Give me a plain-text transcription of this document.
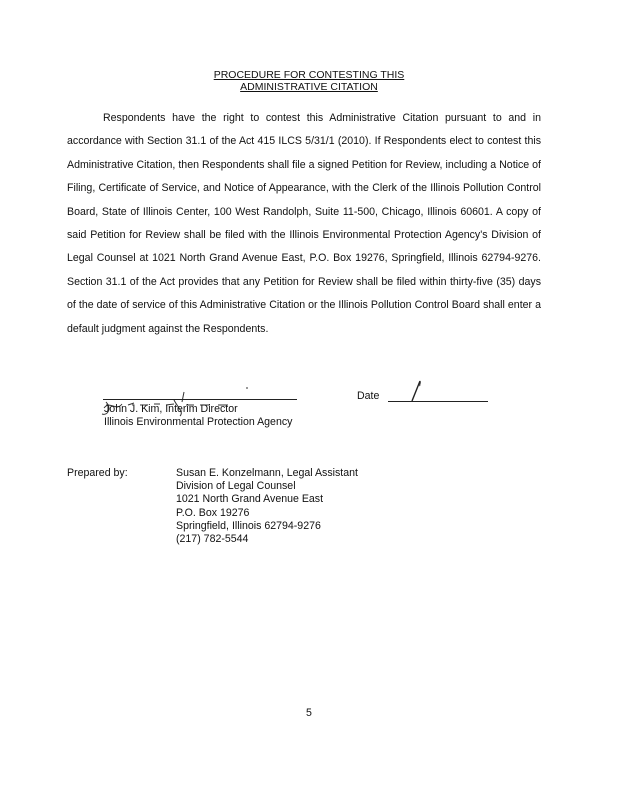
PROCEDURE FOR CONTESTING THIS
ADMINISTRATIVE CITATION

Respondents have the right to contest this Administrative Citation pursuant to and in accordance with Section 31.1 of the Act 415 ILCS 5/31/1 (2010). If Respondents elect to contest this Administrative Citation, then Respondents shall file a signed Petition for Review, including a Notice of Filing, Certificate of Service, and Notice of Appearance, with the Clerk of the Illinois Pollution Control Board, State of Illinois Center, 100 West Randolph, Suite 11-500, Chicago, Illinois 60601. A copy of said Petition for Review shall be filed with the Illinois Environmental Protection Agency's Division of Legal Counsel at 1021 North Grand Avenue East, P.O. Box 19276, Springfield, Illinois 62794-9276. Section 31.1 of the Act provides that any Petition for Review shall be filed within thirty-five (35) days of the date of service of this Administrative Citation or the Illinois Pollution Control Board shall enter a default judgment against the Respondents.

John J. Kim, Interim Director
Illinois Environmental Protection Agency
Date
Prepared by:	Susan E. Konzelmann, Legal Assistant
Division of Legal Counsel
1021 North Grand Avenue East
P.O. Box 19276
Springfield, Illinois 62794-9276
(217) 782-5544
5
